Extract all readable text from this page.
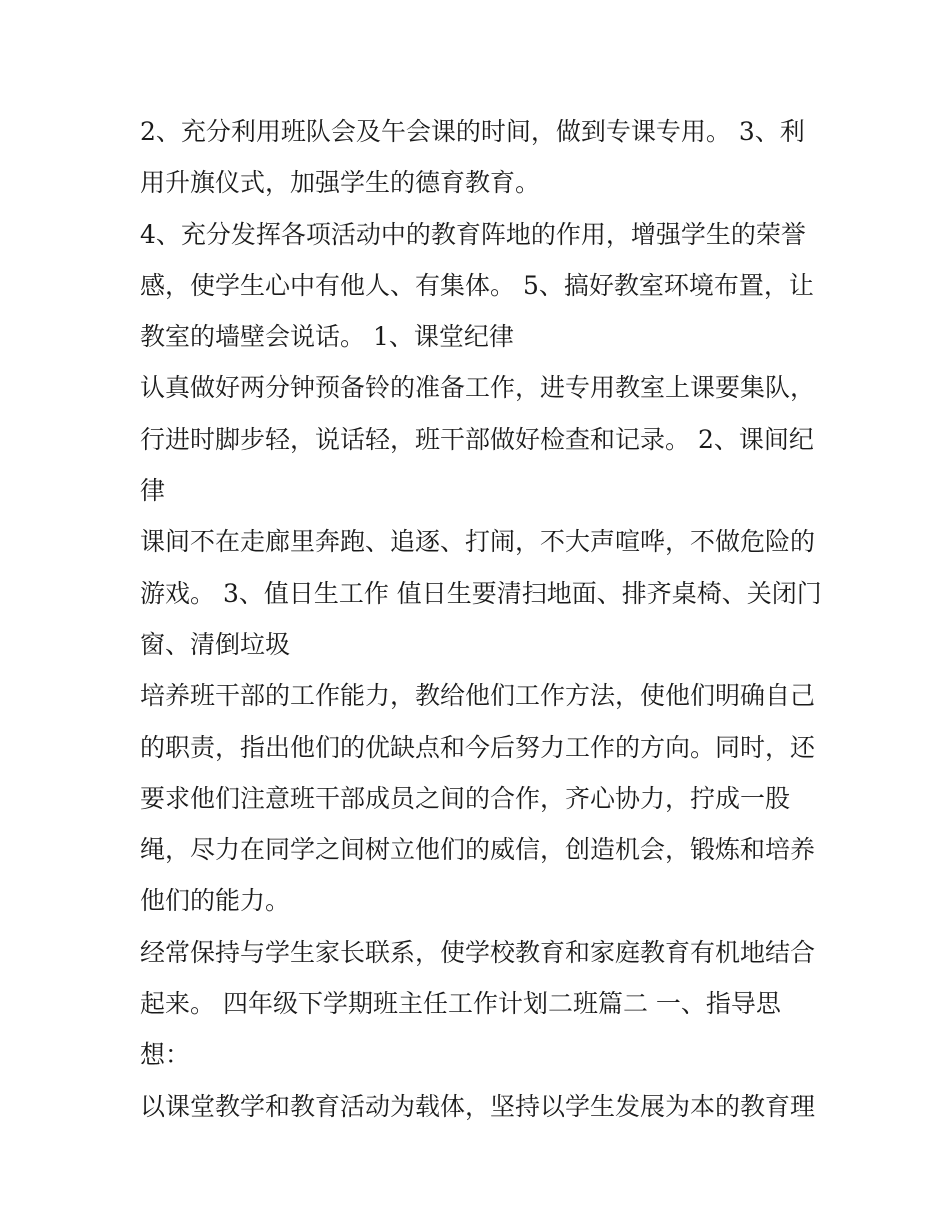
2、充分利用班队会及午会课的时间，做到专课专用。 3、利
用升旗仪式，加强学生的德育教育。
4、充分发挥各项活动中的教育阵地的作用，增强学生的荣誉
感，使学生心中有他人、有集体。 5、搞好教室环境布置，让
教室的墙壁会说话。 1、课堂纪律
认真做好两分钟预备铃的准备工作，进专用教室上课要集队，
行进时脚步轻，说话轻，班干部做好检查和记录。 2、课间纪
律
课间不在走廊里奔跑、追逐、打闹，不大声喧哗，不做危险的
游戏。 3、值日生工作 值日生要清扫地面、排齐桌椅、关闭门
窗、清倒垃圾
培养班干部的工作能力，教给他们工作方法，使他们明确自己
的职责，指出他们的优缺点和今后努力工作的方向。同时，还
要求他们注意班干部成员之间的合作，齐心协力，拧成一股
绳，尽力在同学之间树立他们的威信，创造机会，锻炼和培养
他们的能力。
经常保持与学生家长联系，使学校教育和家庭教育有机地结合
起来。 四年级下学期班主任工作计划二班篇二 一、指导思
想：
以课堂教学和教育活动为载体，坚持以学生发展为本的教育理
